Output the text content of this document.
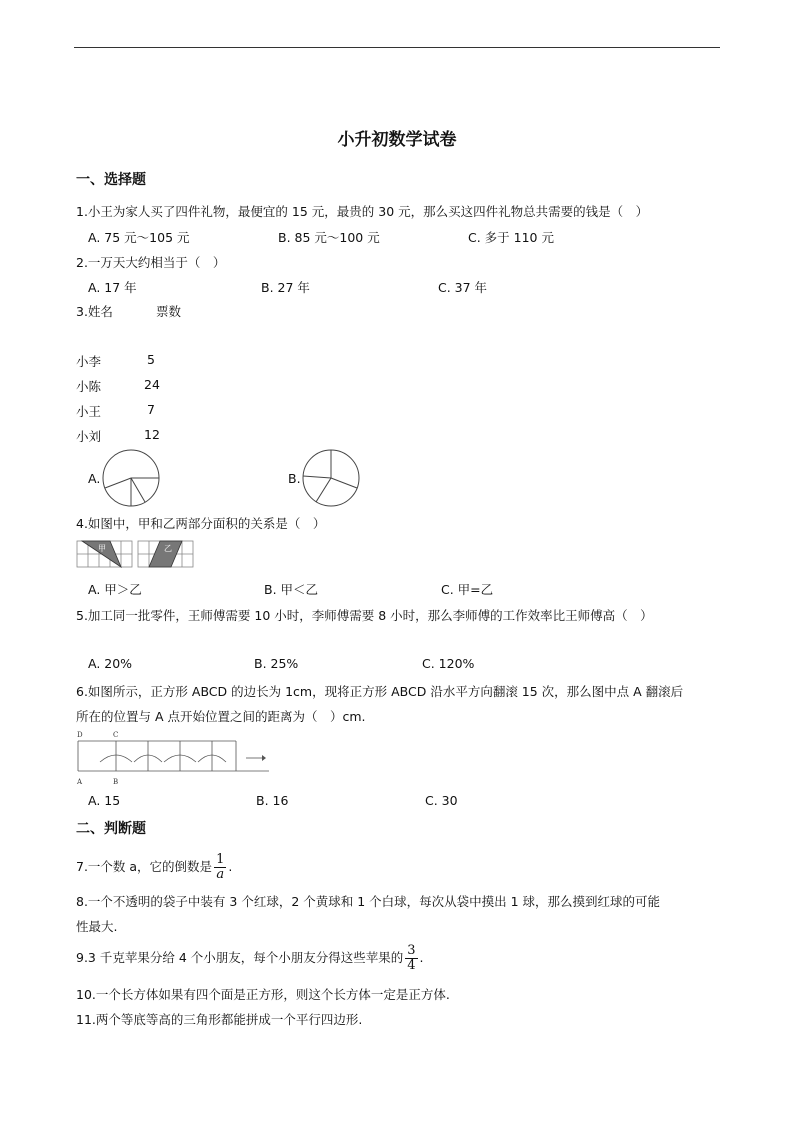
小升初数学试卷
一、选择题
1.小王为家人买了四件礼物，最便宜的 15 元，最贵的 30 元，那么买这四件礼物总共需要的钱是（　）
A. 75 元～105 元	B. 85 元～100 元	C. 多于 110 元
2.一万天大约相当于（　）
A. 17 年	B. 27 年	C. 37 年
3.姓名	票数
小李	5
小陈	24
小王	7
小刘	12
A.	B.
4.如图中，甲和乙两部分面积的关系是（　）
甲	乙
A. 甲＞乙	B. 甲＜乙	C. 甲=乙
5.加工同一批零件，王师傅需要 10 小时，李师傅需要 8 小时，那么李师傅的工作效率比王师傅高（　）
A. 20%	B. 25%	C. 120%
6.如图所示，正方形 ABCD 的边长为 1cm，现将正方形 ABCD 沿水平方向翻滚 15 次，那么图中点 A 翻滚后
所在的位置与 A 点开始位置之间的距离为（　）cm.
D	C
A	B
A. 15	B. 16	C. 30
二、判断题
7.一个数 a，它的倒数是 $\frac{1}{a}$ .
8.一个不透明的袋子中装有 3 个红球，2 个黄球和 1 个白球，每次从袋中摸出 1 球，那么摸到红球的可能
性最大.
9.3 千克苹果分给 4 个小朋友，每个小朋友分得这些苹果的 $\frac{3}{4}$ .
10.一个长方体如果有四个面是正方形，则这个长方体一定是正方体.
11.两个等底等高的三角形都能拼成一个平行四边形.
